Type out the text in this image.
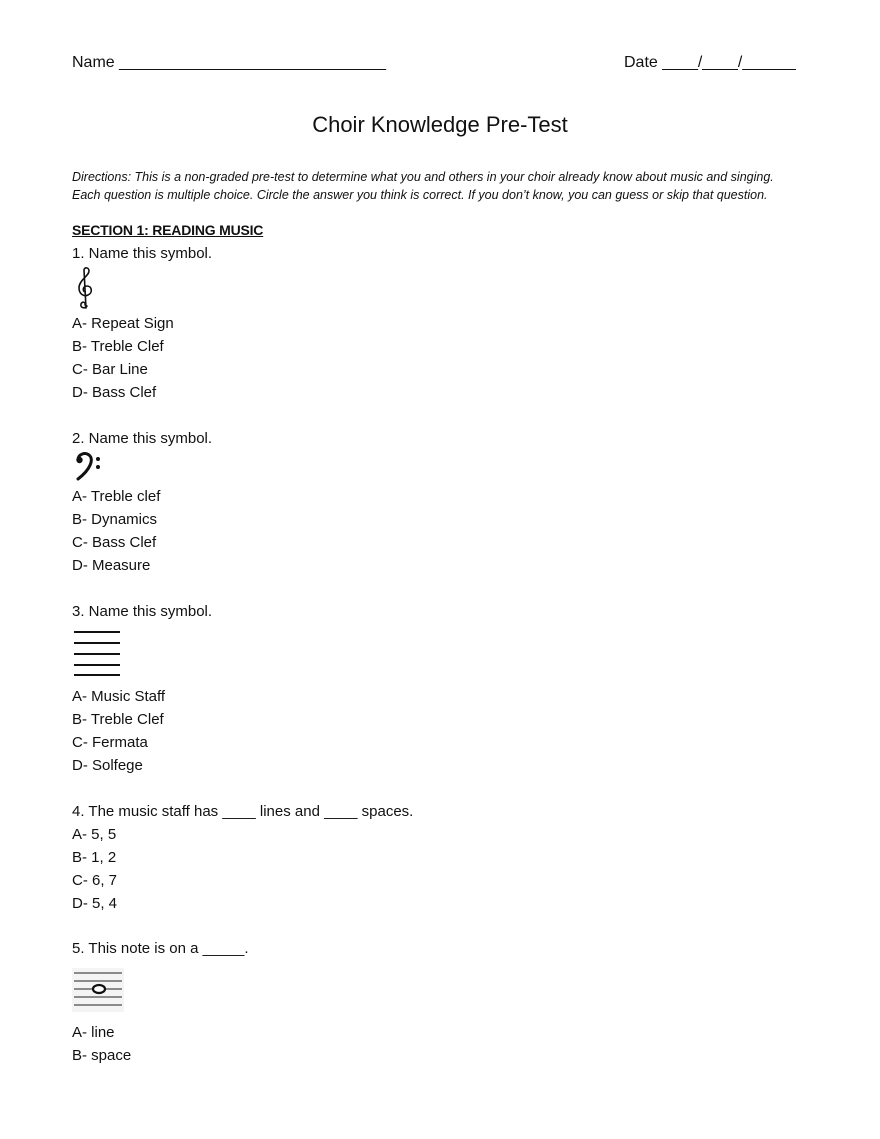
Name ______________________________	Date ____/____/______
Choir Knowledge Pre-Test
Directions: This is a non-graded pre-test to determine what you and others in your choir already know about music and singing.
Each question is multiple choice. Circle the answer you think is correct. If you don’t know, you can guess or skip that question.
SECTION 1: READING MUSIC
1. Name this symbol.
A- Repeat Sign
B- Treble Clef
C- Bar Line
D- Bass Clef
2. Name this symbol.
A- Treble clef
B- Dynamics
C- Bass Clef
D- Measure
3. Name this symbol.
A- Music Staff
B- Treble Clef
C- Fermata
D- Solfege
4. The music staff has ____ lines and ____ spaces.
A- 5, 5
B- 1, 2
C- 6, 7
D- 5, 4
5. This note is on a _____.
A- line
B- space
